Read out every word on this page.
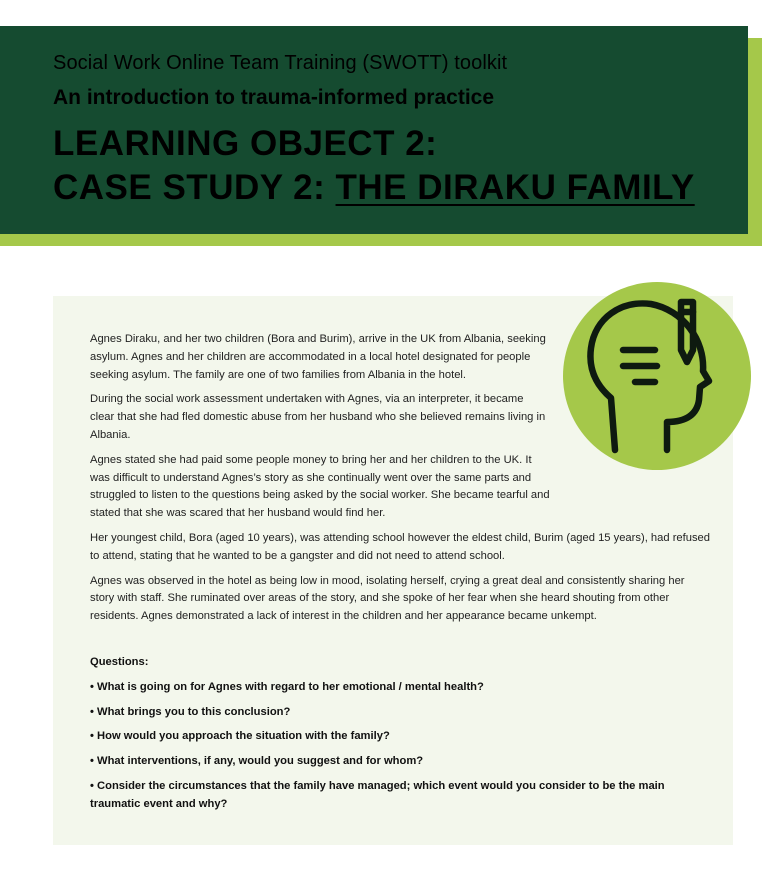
Social Work Online Team Training (SWOTT) toolkit
An introduction to trauma-informed practice
LEARNING OBJECT 2:
CASE STUDY 2: THE DIRAKU FAMILY

Agnes Diraku, and her two children (Bora and Burim), arrive in the UK from Albania, seeking asylum. Agnes and her children are accommodated in a local hotel designated for people seeking asylum. The family are one of two families from Albania in the hotel.

During the social work assessment undertaken with Agnes, via an interpreter, it became clear that she had fled domestic abuse from her husband who she believed remains living in Albania.

Agnes stated she had paid some people money to bring her and her children to the UK. It was difficult to understand Agnes’s story as she continually went over the same parts and struggled to listen to the questions being asked by the social worker. She became tearful and stated that she was scared that her husband would find her.

Her youngest child, Bora (aged 10 years), was attending school however the eldest child, Burim (aged 15 years), had refused to attend, stating that he wanted to be a gangster and did not need to attend school.

Agnes was observed in the hotel as being low in mood, isolating herself, crying a great deal and consistently sharing her story with staff. She ruminated over areas of the story, and she spoke of her fear when she heard shouting from other residents. Agnes demonstrated a lack of interest in the children and her appearance became unkempt.

Questions:

• What is going on for Agnes with regard to her emotional / mental health?

• What brings you to this conclusion?

• How would you approach the situation with the family?

• What interventions, if any, would you suggest and for whom?

• Consider the circumstances that the family have managed; which event would you consider to be the main traumatic event and why?
